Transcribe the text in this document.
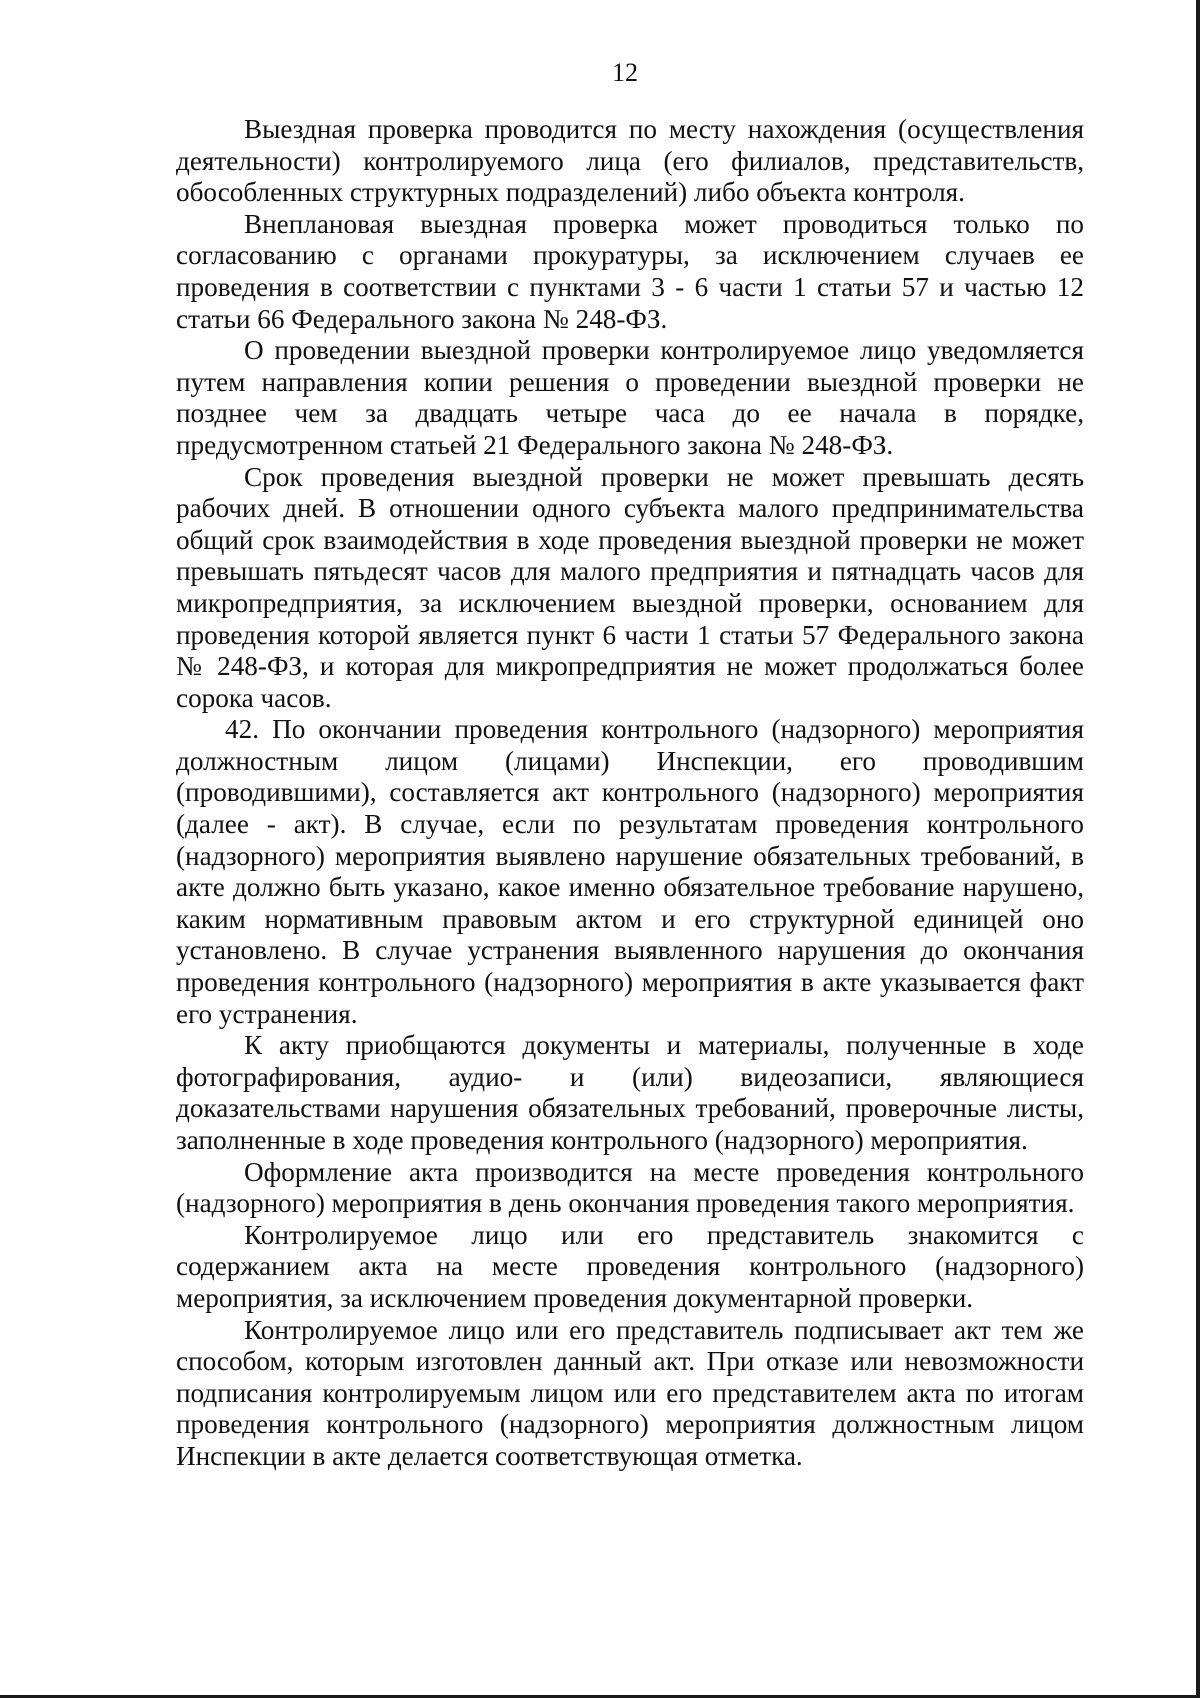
12

Выездная проверка проводится по месту нахождения (осуществления деятельности) контролируемого лица (его филиалов, представительств, обособленных структурных подразделений) либо объекта контроля.

Внеплановая выездная проверка может проводиться только по согласованию с органами прокуратуры, за исключением случаев ее проведения в соответствии с пунктами 3 - 6 части 1 статьи 57 и частью 12 статьи 66 Федерального закона № 248-ФЗ.

О проведении выездной проверки контролируемое лицо уведомляется путем направления копии решения о проведении выездной проверки не позднее чем за двадцать четыре часа до ее начала в порядке, предусмотренном статьей 21 Федерального закона № 248-ФЗ.

Срок проведения выездной проверки не может превышать десять рабочих дней. В отношении одного субъекта малого предпринимательства общий срок взаимодействия в ходе проведения выездной проверки не может превышать пятьдесят часов для малого предприятия и пятнадцать часов для микропредприятия, за исключением выездной проверки, основанием для проведения которой является пункт 6 части 1 статьи 57 Федерального закона № 248-ФЗ, и которая для микропредприятия не может продолжаться более сорока часов.

42. По окончании проведения контрольного (надзорного) мероприятия должностным лицом (лицами) Инспекции, его проводившим (проводившими), составляется акт контрольного (надзорного) мероприятия (далее - акт). В случае, если по результатам проведения контрольного (надзорного) мероприятия выявлено нарушение обязательных требований, в акте должно быть указано, какое именно обязательное требование нарушено, каким нормативным правовым актом и его структурной единицей оно установлено. В случае устранения выявленного нарушения до окончания проведения контрольного (надзорного) мероприятия в акте указывается факт его устранения.

К акту приобщаются документы и материалы, полученные в ходе фотографирования, аудио- и (или) видеозаписи, являющиеся доказательствами нарушения обязательных требований, проверочные листы, заполненные в ходе проведения контрольного (надзорного) мероприятия.

Оформление акта производится на месте проведения контрольного (надзорного) мероприятия в день окончания проведения такого мероприятия.

Контролируемое лицо или его представитель знакомится с содержанием акта на месте проведения контрольного (надзорного) мероприятия, за исключением проведения документарной проверки.

Контролируемое лицо или его представитель подписывает акт тем же способом, которым изготовлен данный акт. При отказе или невозможности подписания контролируемым лицом или его представителем акта по итогам проведения контрольного (надзорного) мероприятия должностным лицом Инспекции в акте делается соответствующая отметка.
